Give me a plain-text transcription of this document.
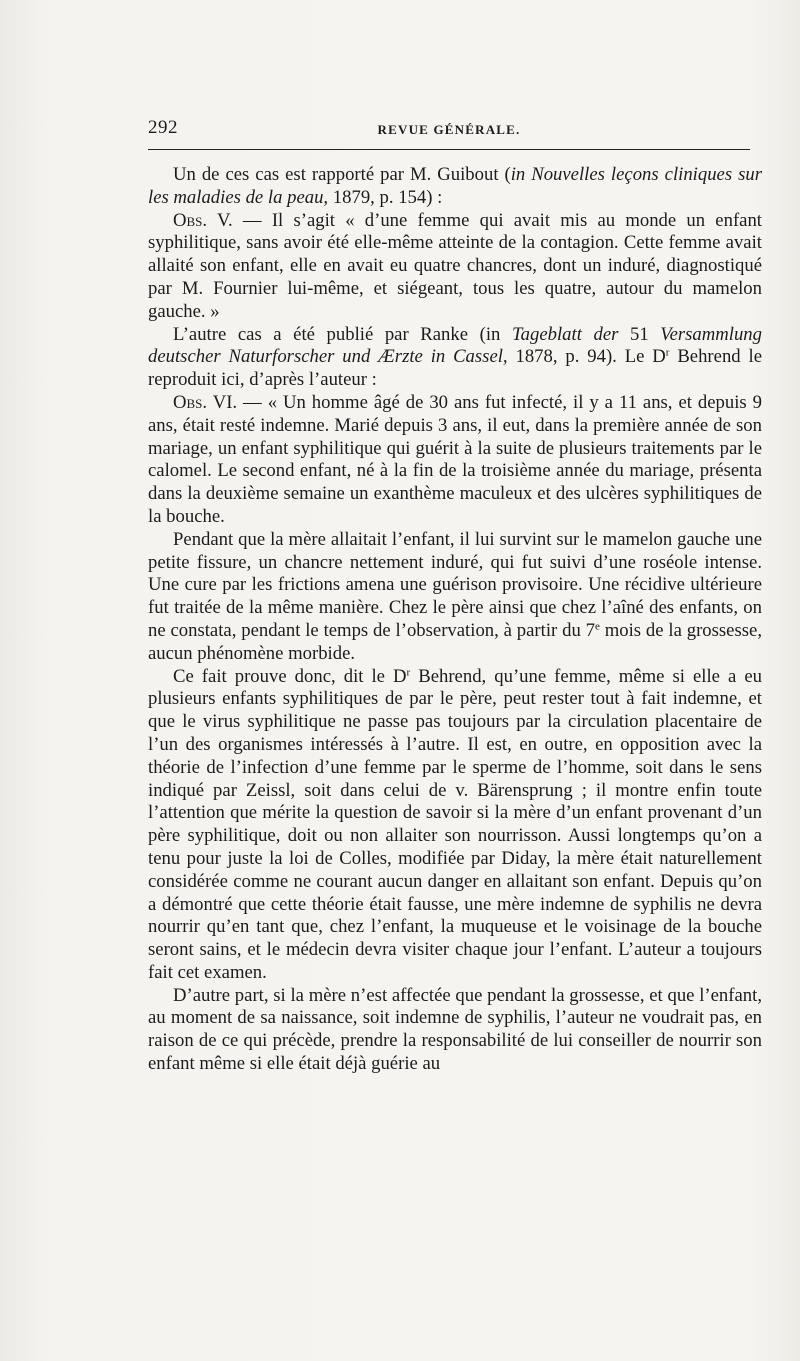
292	REVUE GÉNÉRALE.

Un de ces cas est rapporté par M. Guibout (in Nouvelles leçons cliniques sur les maladies de la peau, 1879, p. 154) :

Obs. V. — Il s’agit « d’une femme qui avait mis au monde un enfant syphilitique, sans avoir été elle-même atteinte de la contagion. Cette femme avait allaité son enfant, elle en avait eu quatre chancres, dont un induré, diagnostiqué par M. Fournier lui-même, et siégeant, tous les quatre, autour du mamelon gauche. »

L’autre cas a été publié par Ranke (in Tageblatt der 51 Versammlung deutscher Naturforscher und Ærzte in Cassel, 1878, p. 94). Le $D^r$ Behrend le reproduit ici, d’après l’auteur :

Obs. VI. — « Un homme âgé de 30 ans fut infecté, il y a 11 ans, et depuis 9 ans, était resté indemne. Marié depuis 3 ans, il eut, dans la première année de son mariage, un enfant syphilitique qui guérit à la suite de plusieurs traitements par le calomel. Le second enfant, né à la fin de la troisième année du mariage, présenta dans la deuxième semaine un exanthème maculeux et des ulcères syphilitiques de la bouche.

Pendant que la mère allaitait l’enfant, il lui survint sur le mamelon gauche une petite fissure, un chancre nettement induré, qui fut suivi d’une roséole intense. Une cure par les frictions amena une guérison provisoire. Une récidive ultérieure fut traitée de la même manière. Chez le père ainsi que chez l’aîné des enfants, on ne constata, pendant le temps de l’observation, à partir du 7e mois de la grossesse, aucun phénomène morbide.

Ce fait prouve donc, dit le $D^r$ Behrend, qu’une femme, même si elle a eu plusieurs enfants syphilitiques de par le père, peut rester tout à fait indemne, et que le virus syphilitique ne passe pas toujours par la circulation placentaire de l’un des organismes intéressés à l’autre. Il est, en outre, en opposition avec la théorie de l’infection d’une femme par le sperme de l’homme, soit dans le sens indiqué par Zeissl, soit dans celui de v. Bärensprung ; il montre enfin toute l’attention que mérite la question de savoir si la mère d’un enfant provenant d’un père syphilitique, doit ou non allaiter son nourrisson. Aussi longtemps qu’on a tenu pour juste la loi de Colles, modifiée par Diday, la mère était naturellement considérée comme ne courant aucun danger en allaitant son enfant. Depuis qu’on a démontré que cette théorie était fausse, une mère indemne de syphilis ne devra nourrir qu’en tant que, chez l’enfant, la muqueuse et le voisinage de la bouche seront sains, et le médecin devra visiter chaque jour l’enfant. L’auteur a toujours fait cet examen.

D’autre part, si la mère n’est affectée que pendant la grossesse, et que l’enfant, au moment de sa naissance, soit indemne de syphilis, l’auteur ne voudrait pas, en raison de ce qui précède, prendre la responsabilité de lui conseiller de nourrir son enfant même si elle était déjà guérie au
